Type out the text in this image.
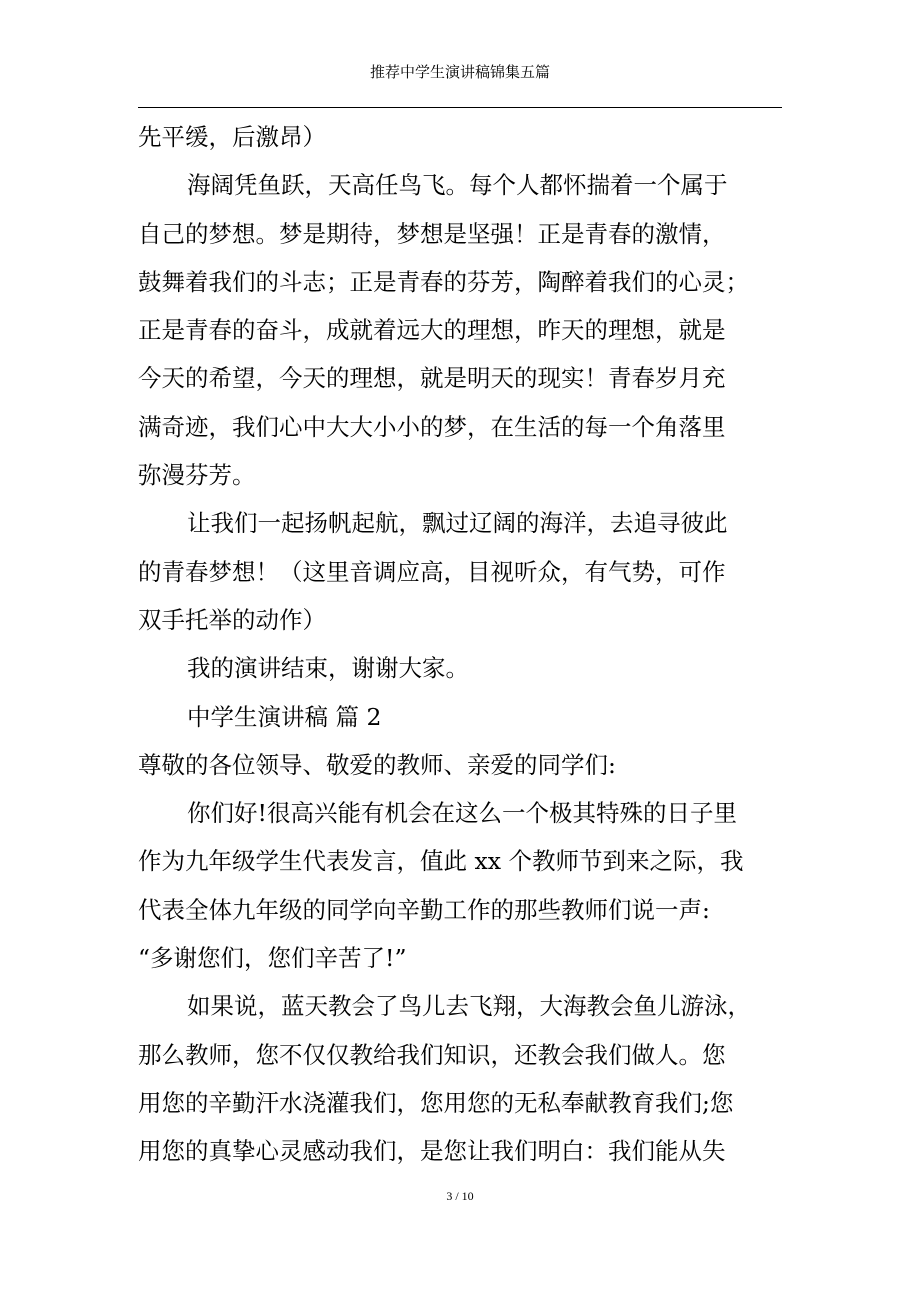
推荐中学生演讲稿锦集五篇
先平缓，后激昂）
海阔凭鱼跃，天高任鸟飞。每个人都怀揣着一个属于
自己的梦想。梦是期待，梦想是坚强！正是青春的激情，
鼓舞着我们的斗志；正是青春的芬芳，陶醉着我们的心灵；
正是青春的奋斗，成就着远大的理想，昨天的理想，就是
今天的希望，今天的理想，就是明天的现实！青春岁月充
满奇迹，我们心中大大小小的梦，在生活的每一个角落里
弥漫芬芳。
让我们一起扬帆起航，飘过辽阔的海洋，去追寻彼此
的青春梦想！（这里音调应高，目视听众，有气势，可作
双手托举的动作）
我的演讲结束，谢谢大家。
中学生演讲稿 篇 2
尊敬的各位领导、敬爱的教师、亲爱的同学们:
你们好!很高兴能有机会在这么一个极其特殊的日子里
作为九年级学生代表发言，值此 xx 个教师节到来之际，我
代表全体九年级的同学向辛勤工作的那些教师们说一声:
“多谢您们，您们辛苦了!”
如果说，蓝天教会了鸟儿去飞翔，大海教会鱼儿游泳，
那么教师，您不仅仅教给我们知识，还教会我们做人。您
用您的辛勤汗水浇灌我们，您用您的无私奉献教育我们;您
用您的真挚心灵感动我们，是您让我们明白：我们能从失
3 / 10
